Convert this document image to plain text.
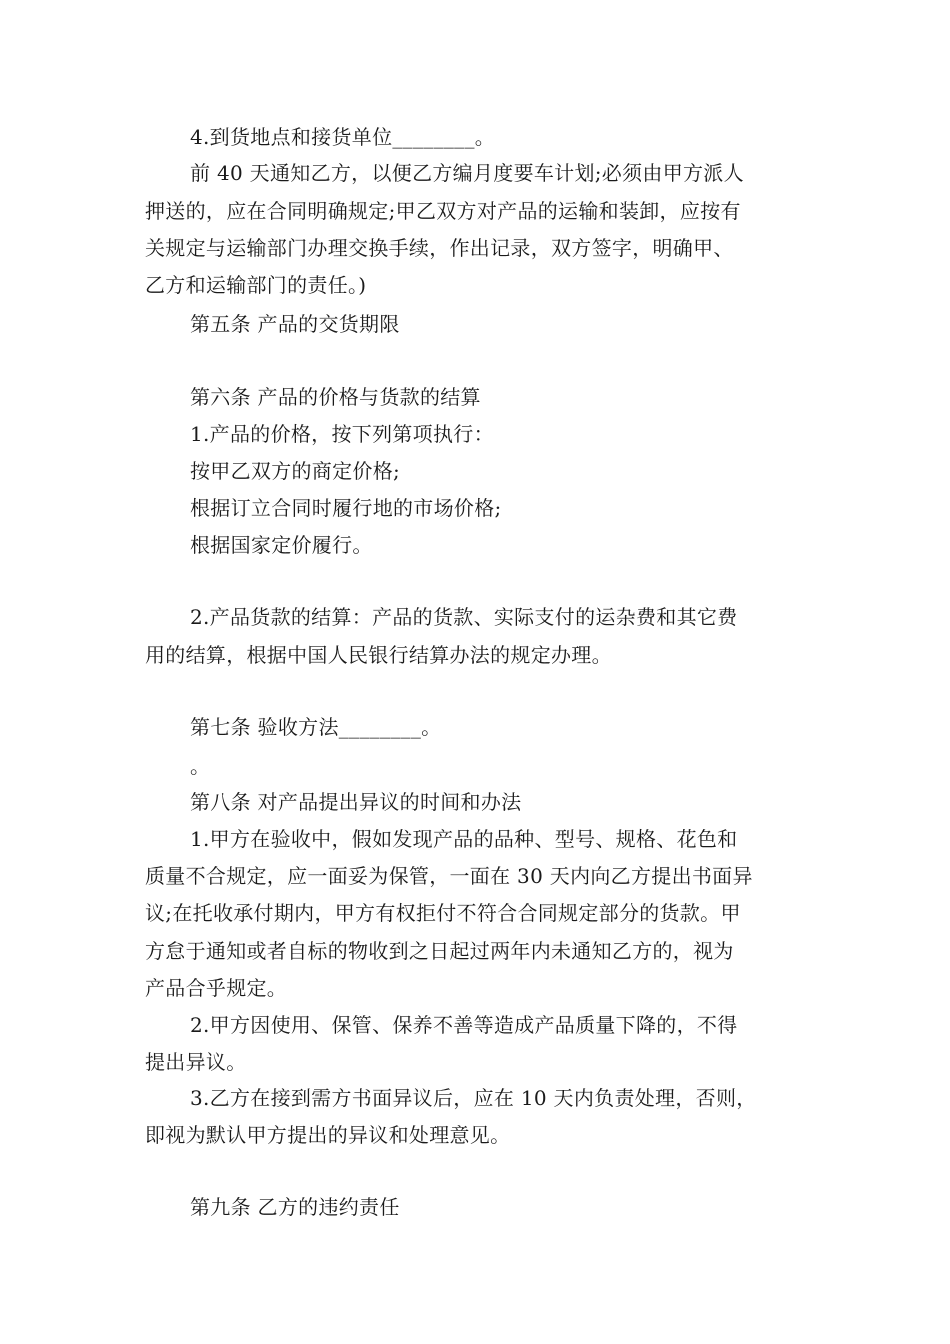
4.到货地点和接货单位________。
前 40 天通知乙方，以便乙方编月度要车计划;必须由甲方派人
押送的，应在合同明确规定;甲乙双方对产品的运输和装卸，应按有
关规定与运输部门办理交换手续，作出记录，双方签字，明确甲、
乙方和运输部门的责任。)
第五条 产品的交货期限
第六条 产品的价格与货款的结算
1.产品的价格，按下列第项执行：
按甲乙双方的商定价格;
根据订立合同时履行地的市场价格;
根据国家定价履行。
2.产品货款的结算：产品的货款、实际支付的运杂费和其它费
用的结算，根据中国人民银行结算办法的规定办理。
第七条 验收方法________。
。
第八条 对产品提出异议的时间和办法
1.甲方在验收中，假如发现产品的品种、型号、规格、花色和
质量不合规定，应一面妥为保管，一面在 30 天内向乙方提出书面异
议;在托收承付期内，甲方有权拒付不符合合同规定部分的货款。甲
方怠于通知或者自标的物收到之日起过两年内未通知乙方的，视为
产品合乎规定。
2.甲方因使用、保管、保养不善等造成产品质量下降的，不得
提出异议。
3.乙方在接到需方书面异议后，应在 10 天内负责处理，否则，
即视为默认甲方提出的异议和处理意见。
第九条 乙方的违约责任
